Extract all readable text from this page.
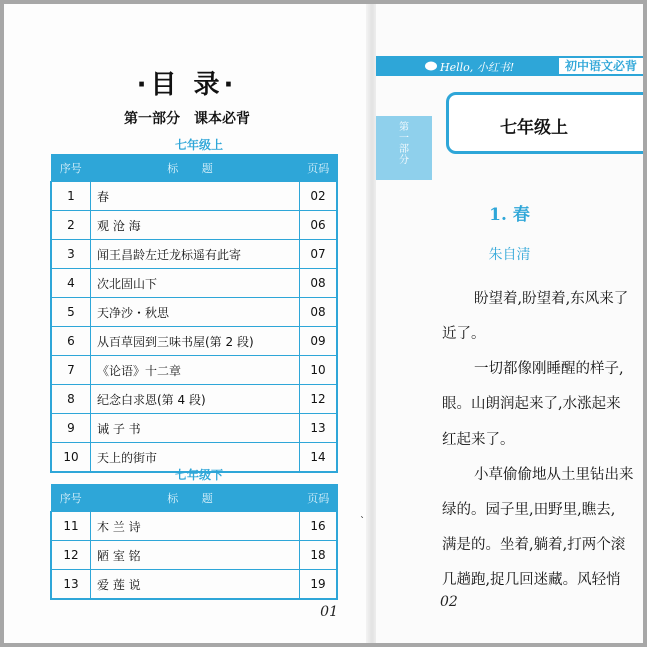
·目 录·
第一部分　课本必背
七年级上
序号	标 题	页码
1	春	02
2	观 沧 海	06
3	闻王昌龄左迁龙标遥有此寄	07
4	次北固山下	08
5	天净沙・秋思	08
6	从百草园到三味书屋(第 2 段)	09
7	《论语》十二章	10
8	纪念白求恩(第 4 段)	12
9	诫 子 书	13
10	天上的街市	14
七年级下
序号	标 题	页码
11	木 兰 诗	16
12	陋 室 铭	18
13	爱 莲 说	19
`
01
Hello, 小红书!	初中语文必背
第
一
部
分
七年级上
1. 春
朱自清
盼望着,盼望着,东风来了
近了。
一切都像刚睡醒的样子,
眼。山朗润起来了,水涨起来
红起来了。
小草偷偷地从土里钻出来
绿的。园子里,田野里,瞧去,
满是的。坐着,躺着,打两个滚
几趟跑,捉几回迷藏。风轻悄
02
